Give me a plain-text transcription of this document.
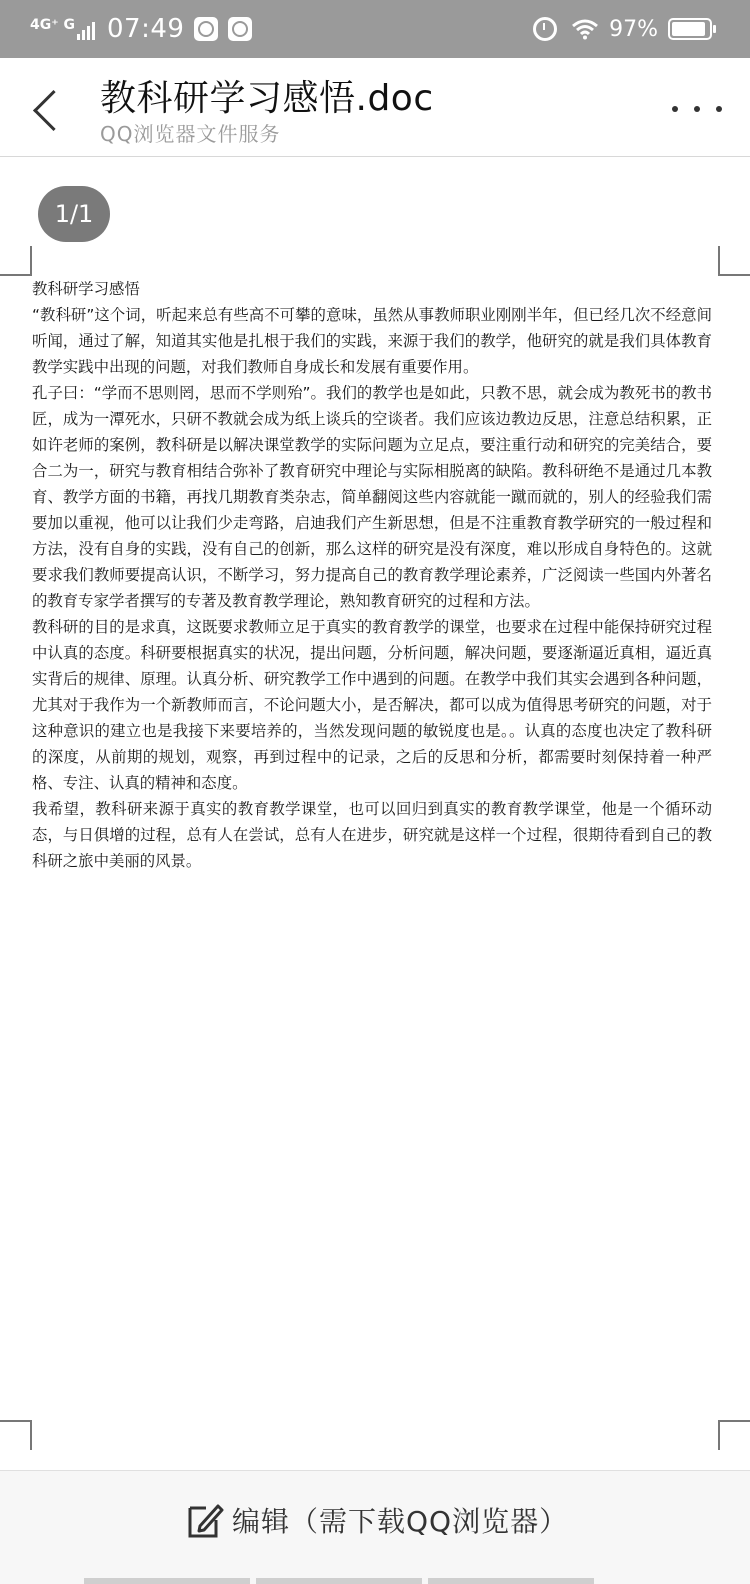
4G⁺ G 07:49	97%
教科研学习感悟.doc
QQ浏览器文件服务
1/1

教科研学习感悟

“教科研”这个词，听起来总有些高不可攀的意味，虽然从事教师职业刚刚半年，但已经几次不经意间听闻，通过了解，知道其实他是扎根于我们的实践，来源于我们的教学，他研究的就是我们具体教育教学实践中出现的问题，对我们教师自身成长和发展有重要作用。

孔子曰：“学而不思则罔，思而不学则殆”。我们的教学也是如此，只教不思，就会成为教死书的教书匠，成为一潭死水，只研不教就会成为纸上谈兵的空谈者。我们应该边教边反思，注意总结积累，正如许老师的案例，教科研是以解决课堂教学的实际问题为立足点，要注重行动和研究的完美结合，要合二为一，研究与教育相结合弥补了教育研究中理论与实际相脱离的缺陷。教科研绝不是通过几本教育、教学方面的书籍，再找几期教育类杂志，简单翻阅这些内容就能一蹴而就的，别人的经验我们需要加以重视，他可以让我们少走弯路，启迪我们产生新思想，但是不注重教育教学研究的一般过程和方法，没有自身的实践，没有自己的创新，那么这样的研究是没有深度，难以形成自身特色的。这就要求我们教师要提高认识，不断学习，努力提高自己的教育教学理论素养，广泛阅读一些国内外著名的教育专家学者撰写的专著及教育教学理论，熟知教育研究的过程和方法。

教科研的目的是求真，这既要求教师立足于真实的教育教学的课堂，也要求在过程中能保持研究过程中认真的态度。科研要根据真实的状况，提出问题，分析问题，解决问题，要逐渐逼近真相，逼近真实背后的规律、原理。认真分析、研究教学工作中遇到的问题。在教学中我们其实会遇到各种问题，尤其对于我作为一个新教师而言，不论问题大小，是否解决，都可以成为值得思考研究的问题，对于这种意识的建立也是我接下来要培养的，当然发现问题的敏锐度也是。。认真的态度也决定了教科研的深度，从前期的规划，观察，再到过程中的记录，之后的反思和分析，都需要时刻保持着一种严格、专注、认真的精神和态度。

我希望，教科研来源于真实的教育教学课堂，也可以回归到真实的教育教学课堂，他是一个循环动态，与日俱增的过程，总有人在尝试，总有人在进步，研究就是这样一个过程，很期待看到自己的教科研之旅中美丽的风景。

编辑（需下载QQ浏览器）
